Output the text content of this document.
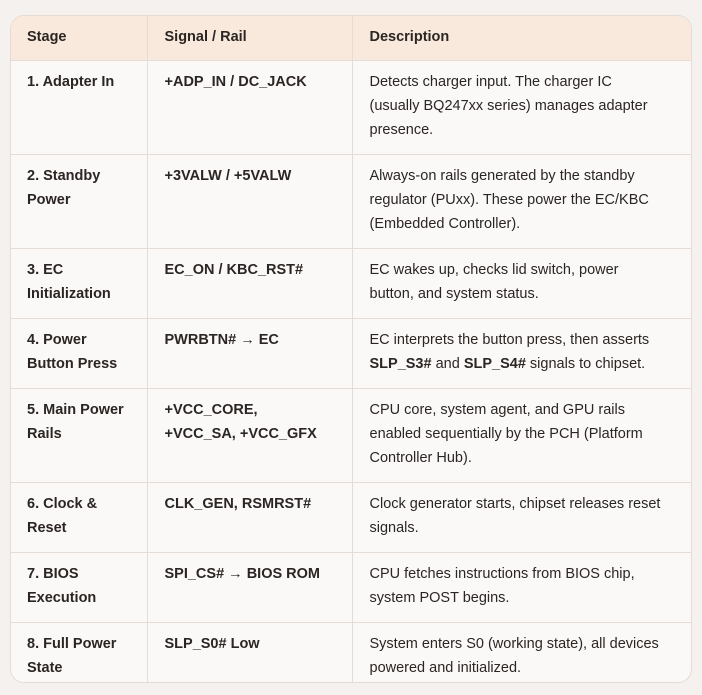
Stage	Signal / Rail	Description

1. Adapter In	+ADP_IN / DC_JACK	Detects charger input. The charger IC
(usually BQ247xx series) manages adapter
presence.

2. Standby
Power	+3VALW / +5VALW	Always-on rails generated by the standby
regulator (PUxx). These power the EC/KBC
(Embedded Controller).

3. EC
Initialization	EC_ON / KBC_RST#	EC wakes up, checks lid switch, power
button, and system status.

4. Power
Button Press	PWRBTN# → EC	EC interprets the button press, then asserts
SLP_S3# and SLP_S4# signals to chipset.

5. Main Power
Rails	+VCC_CORE,
+VCC_SA, +VCC_GFX	CPU core, system agent, and GPU rails
enabled sequentially by the PCH (Platform
Controller Hub).

6. Clock &
Reset	CLK_GEN, RSMRST#	Clock generator starts, chipset releases reset
signals.

7. BIOS
Execution	SPI_CS# → BIOS ROM	CPU fetches instructions from BIOS chip,
system POST begins.

8. Full Power
State	SLP_S0# Low	System enters S0 (working state), all devices
powered and initialized.
